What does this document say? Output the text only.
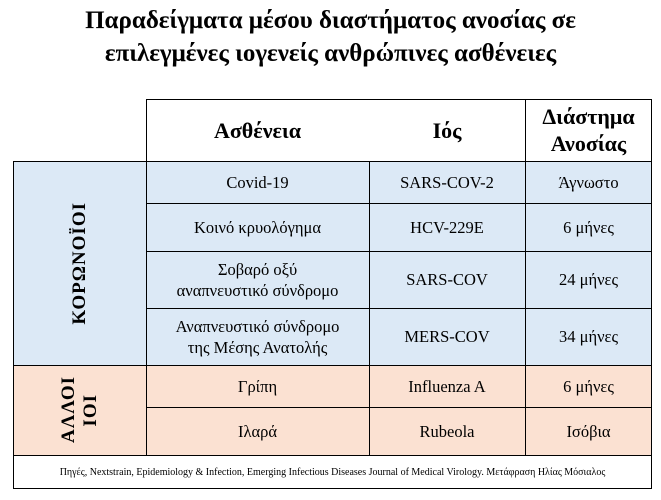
Παραδείγματα μέσου διαστήματος ανοσίας σε
επιλεγμένες ιογενείς ανθρώπινες ασθένειες
ΚΟΡΩΝΟΪΟΙ
ΑΛΛΟΙ ΙΟΙ
Ασθένεια	Ιός
Διάστημα
Ανοσίας
Covid-19	SARS-COV-2	Άγνωστο
Κοινό κρυολόγημα	HCV-229E	6 μήνες
Σοβαρό οξύ
αναπνευστικό σύνδρομο
SARS-COV	24 μήνες
Αναπνευστικό σύνδρομο
της Μέσης Ανατολής
MERS-COV	34 μήνες
Γρίπη	Influenza A	6 μήνες
Ιλαρά	Rubeola	Ισόβια
Πηγές, Nextstrain, Epidemiology & Infection, Emerging Infectious Diseases Journal of Medical Virology. Μετάφραση Ηλίας Μόσιαλος
